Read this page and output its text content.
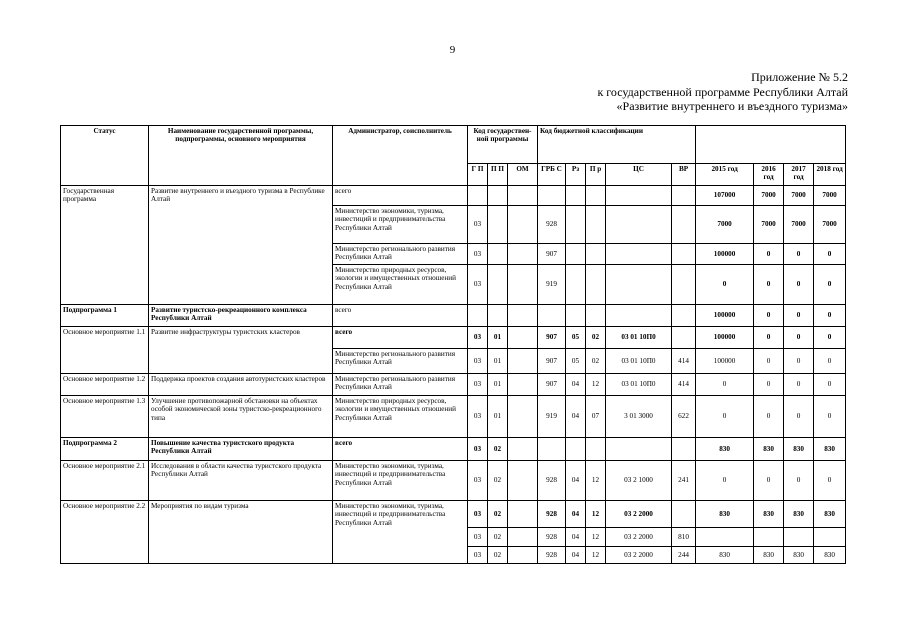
9
Приложение № 5.2
к государственной программе Республики Алтай
«Развитие внутреннего и въездного туризма»
Статус	Наименование государственной программы, подпрограммы, основного мероприятия	Администратор, соисполнитель	Код государствен-ной программы			Код бюджетной классификации								
			Г П	П П	ОМ	ГРБ С	Рз	П р	ЦС	ВР	2015 год	2016 год	2017 год	2018 год
Государственная программа	Развитие внутреннего и въездного туризма в Республике Алтай	всего									107000	7000	7000	7000
		Министерство экономики, туризма, инвестиций и предпринимательства Республики Алтай	03			928					7000	7000	7000	7000
		Министерство регионального развития Республики Алтай	03			907					100000	0	0	0
		Министерство природных ресурсов, экологии и имущественных отношений Республики Алтай	03			919					0	0	0	0
Подпрограмма 1	Развитие туристско-рекреационного комплекса Республики Алтай	всего									100000	0	0	0
Основное мероприятие 1.1	Развитие инфраструктуры туристских кластеров	всего	03	01		907	05	02	03 01 10П0		100000	0	0	0
		Министерство регионального развития Республики Алтай	03	01		907	05	02	03 01 10П0	414	100000	0	0	0
Основное мероприятие 1.2	Поддержка проектов создания автотуристских кластеров	Министерство регионального развития Республики Алтай	03	01		907	04	12	03 01 10П0	414	0	0	0	0
Основное мероприятие 1.3	Улучшение противопожарной обстановки на объектах особой экономической зоны туристско-рекреационного типа	Министерство природных ресурсов, экологии и имущественных отношений Республики Алтай	03	01		919	04	07	3 01 3000	622	0	0	0	0
Подпрограмма 2	Повышение качества туристского продукта Республики Алтай	всего	03	02							830	830	830	830
Основное мероприятие 2.1	Исследования в области качества туристского продукта Республики Алтай	Министерство экономики, туризма, инвестиций и предпринимательства Республики Алтай	03	02		928	04	12	03 2 1000	241	0	0	0	0
Основное мероприятие 2.2	Мероприятия по видам туризма	Министерство экономики, туризма, инвестиций и предпринимательства Республики Алтай	03	02		928	04	12	03 2 2000		830	830	830	830
			03	02		928	04	12	03 2 2000	810				
			03	02		928	04	12	03 2 2000	244	830	830	830	830
